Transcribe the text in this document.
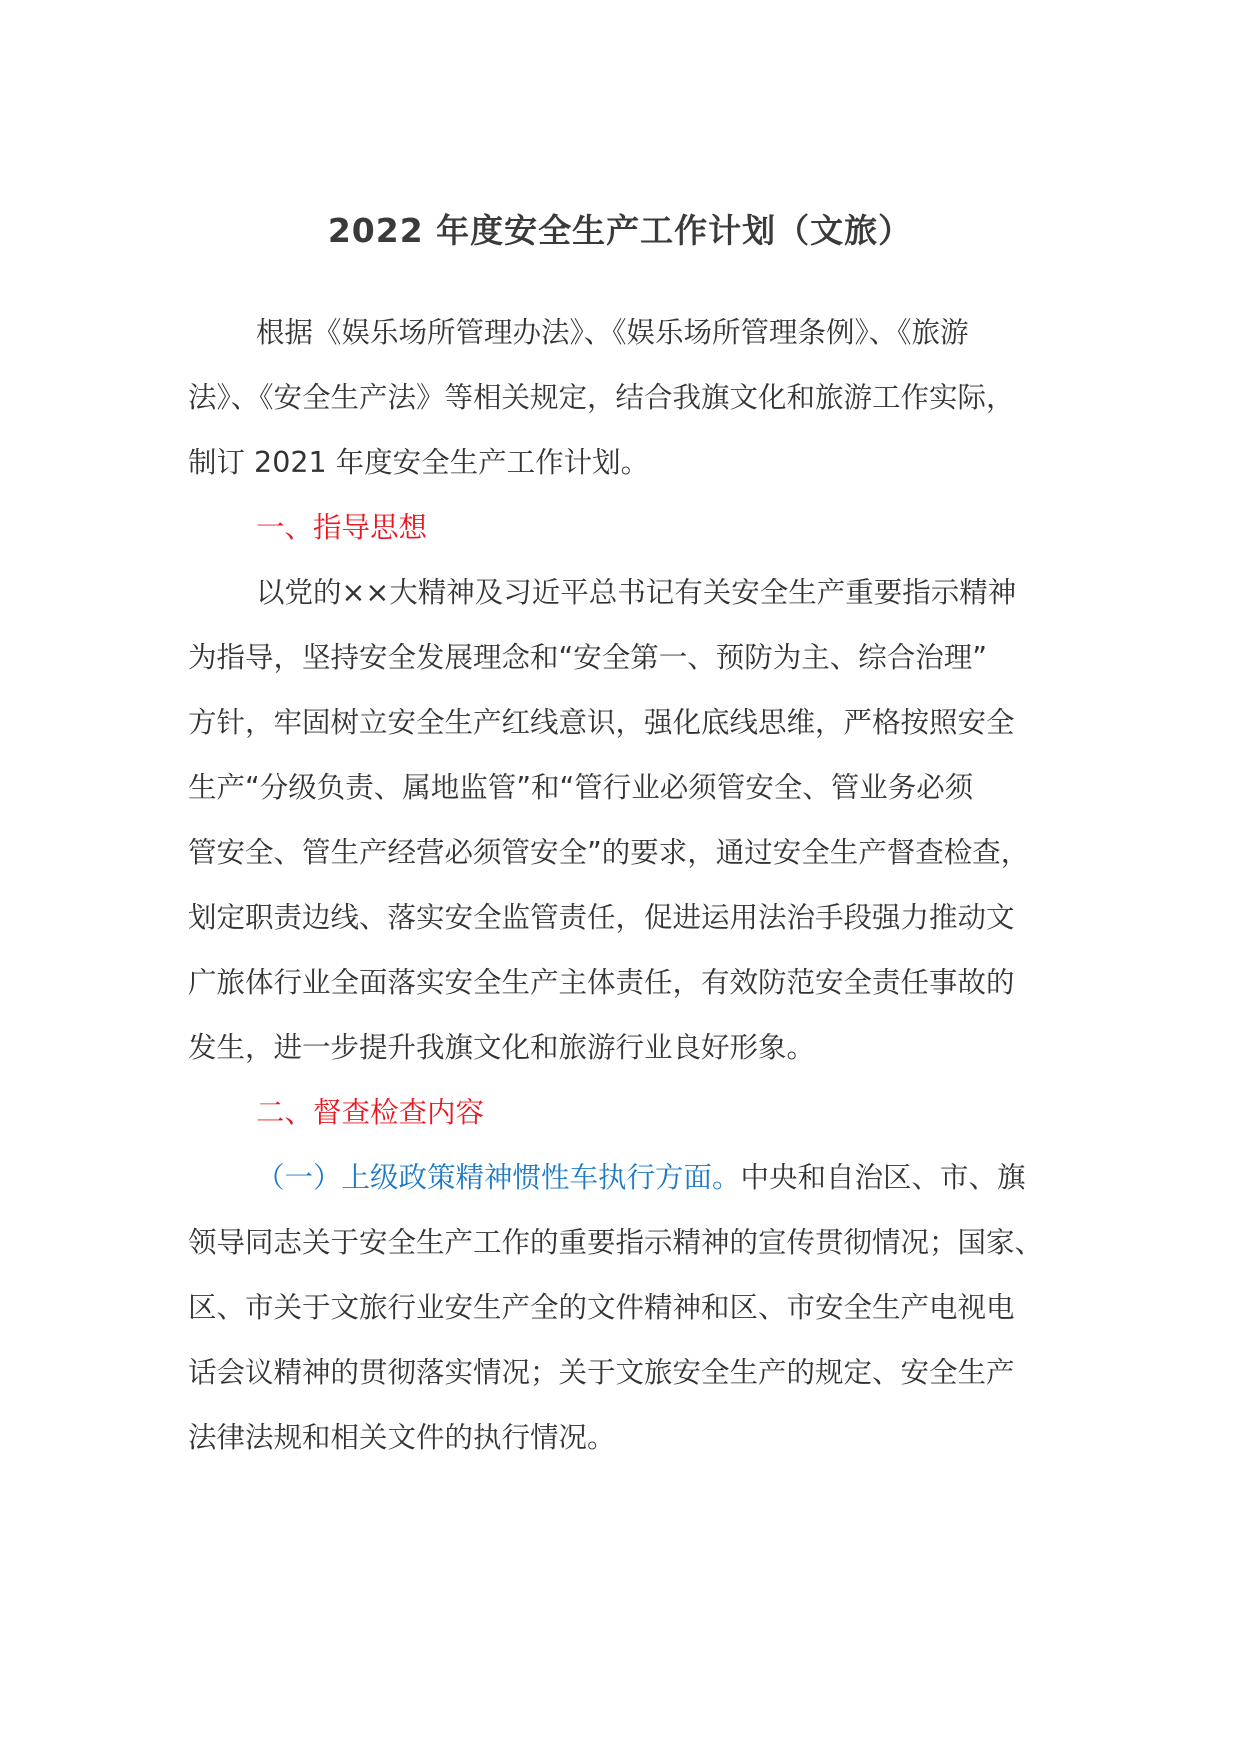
2022 年度安全生产工作计划（文旅）
根据《娱乐场所管理办法》、《娱乐场所管理条例》、《旅游
法》、《安全生产法》等相关规定，结合我旗文化和旅游工作实际，
制订 2021 年度安全生产工作计划。
一、指导思想
以党的××大精神及习近平总书记有关安全生产重要指示精神
为指导，坚持安全发展理念和“安全第一、预防为主、综合治理”
方针，牢固树立安全生产红线意识，强化底线思维，严格按照安全
生产“分级负责、属地监管”和“管行业必须管安全、管业务必须
管安全、管生产经营必须管安全”的要求，通过安全生产督查检查，
划定职责边线、落实安全监管责任，促进运用法治手段强力推动文
广旅体行业全面落实安全生产主体责任，有效防范安全责任事故的
发生，进一步提升我旗文化和旅游行业良好形象。
二、督查检查内容
（一）上级政策精神惯性车执行方面。中央和自治区、市、旗
领导同志关于安全生产工作的重要指示精神的宣传贯彻情况；国家、
区、市关于文旅行业安生产全的文件精神和区、市安全生产电视电
话会议精神的贯彻落实情况；关于文旅安全生产的规定、安全生产
法律法规和相关文件的执行情况。
